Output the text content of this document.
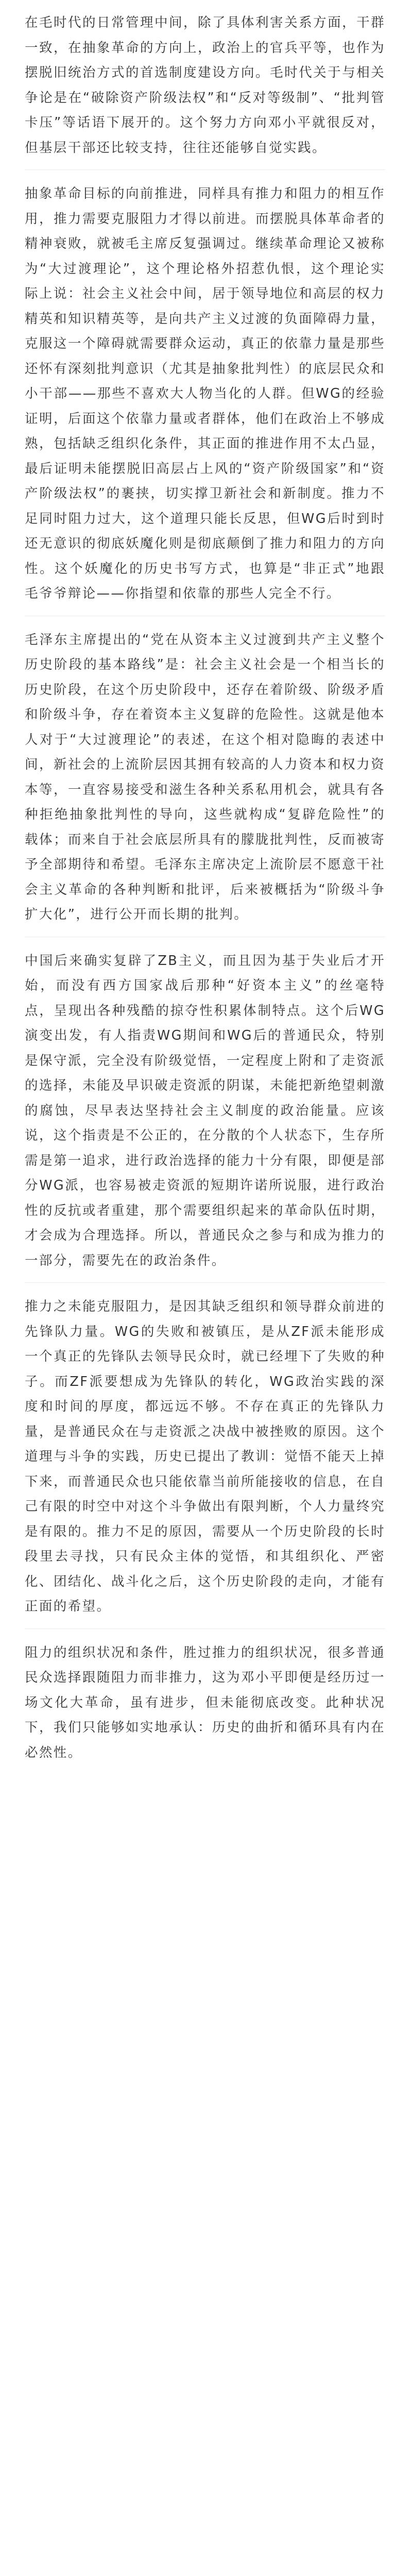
在毛时代的日常管理中间，除了具体利害关系方面，干群一致，在抽象革命的方向上，政治上的官兵平等，也作为摆脱旧统治方式的首选制度建设方向。毛时代关于与相关争论是在“破除资产阶级法权”和“反对等级制”、“批判管卡压”等话语下展开的。这个努力方向邓小平就很反对，但基层干部还比较支持，往往还能够自觉实践。

抽象革命目标的向前推进，同样具有推力和阻力的相互作用，推力需要克服阻力才得以前进。而摆脱具体革命者的精神衰败，就被毛主席反复强调过。继续革命理论又被称为“大过渡理论”，这个理论格外招惹仇恨，这个理论实际上说：社会主义社会中间，居于领导地位和高层的权力精英和知识精英等，是向共产主义过渡的负面障碍力量，克服这一个障碍就需要群众运动，真正的依靠力量是那些还怀有深刻批判意识（尤其是抽象批判性）的底层民众和小干部——那些不喜欢大人物当化的人群。但WG的经验证明，后面这个依靠力量或者群体，他们在政治上不够成熟，包括缺乏组织化条件，其正面的推进作用不太凸显，最后证明未能摆脱旧高层占上风的“资产阶级国家”和“资产阶级法权”的裹挟，切实撑卫新社会和新制度。推力不足同时阻力过大，这个道理只能长反思，但WG后时到时还无意识的彻底妖魔化则是彻底颠倒了推力和阻力的方向性。这个妖魔化的历史书写方式，也算是“非正式”地跟毛爷爷辩论——你指望和依靠的那些人完全不行。

毛泽东主席提出的“党在从资本主义过渡到共产主义整个历史阶段的基本路线”是：社会主义社会是一个相当长的历史阶段，在这个历史阶段中，还存在着阶级、阶级矛盾和阶级斗争，存在着资本主义复辟的危险性。这就是他本人对于“大过渡理论”的表述，在这个相对隐晦的表述中间，新社会的上流阶层因其拥有较高的人力资本和权力资本等，一直容易接受和滋生各种关系私用机会，就具有各种拒绝抽象批判性的导向，这些就构成“复辟危险性”的载体；而来自于社会底层所具有的朦胧批判性，反而被寄予全部期待和希望。毛泽东主席决定上流阶层不愿意干社会主义革命的各种判断和批评，后来被概括为“阶级斗争扩大化”，进行公开而长期的批判。

中国后来确实复辟了ZB主义，而且因为基于失业后才开始，而没有西方国家战后那种“好资本主义”的丝毫特点，呈现出各种残酷的掠夺性积累体制特点。这个后WG演变出发，有人指责WG期间和WG后的普通民众，特别是保守派，完全没有阶级觉悟，一定程度上附和了走资派的选择，未能及早识破走资派的阴谋，未能把新绝望刺激的腐蚀，尽早表达坚持社会主义制度的政治能量。应该说，这个指责是不公正的，在分散的个人状态下，生存所需是第一追求，进行政治选择的能力十分有限，即便是部分WG派，也容易被走资派的短期许诺所说服，进行政治性的反抗或者重建，那个需要组织起来的革命队伍时期，才会成为合理选择。所以，普通民众之参与和成为推力的一部分，需要先在的政治条件。

推力之未能克服阻力，是因其缺乏组织和领导群众前进的先锋队力量。WG的失败和被镇压，是从ZF派未能形成一个真正的先锋队去领导民众时，就已经埋下了失败的种子。而ZF派要想成为先锋队的转化，WG政治实践的深度和时间的厚度，都远远不够。不存在真正的先锋队力量，是普通民众在与走资派之决战中被挫败的原因。这个道理与斗争的实践，历史已提出了教训：觉悟不能天上掉下来，而普通民众也只能依靠当前所能接收的信息，在自己有限的时空中对这个斗争做出有限判断，个人力量终究是有限的。推力不足的原因，需要从一个历史阶段的长时段里去寻找，只有民众主体的觉悟，和其组织化、严密化、团结化、战斗化之后，这个历史阶段的走向，才能有正面的希望。

阻力的组织状况和条件，胜过推力的组织状况，很多普通民众选择跟随阻力而非推力，这为邓小平即便是经历过一场文化大革命，虽有进步，但未能彻底改变。此种状况下，我们只能够如实地承认：历史的曲折和循环具有内在必然性。
